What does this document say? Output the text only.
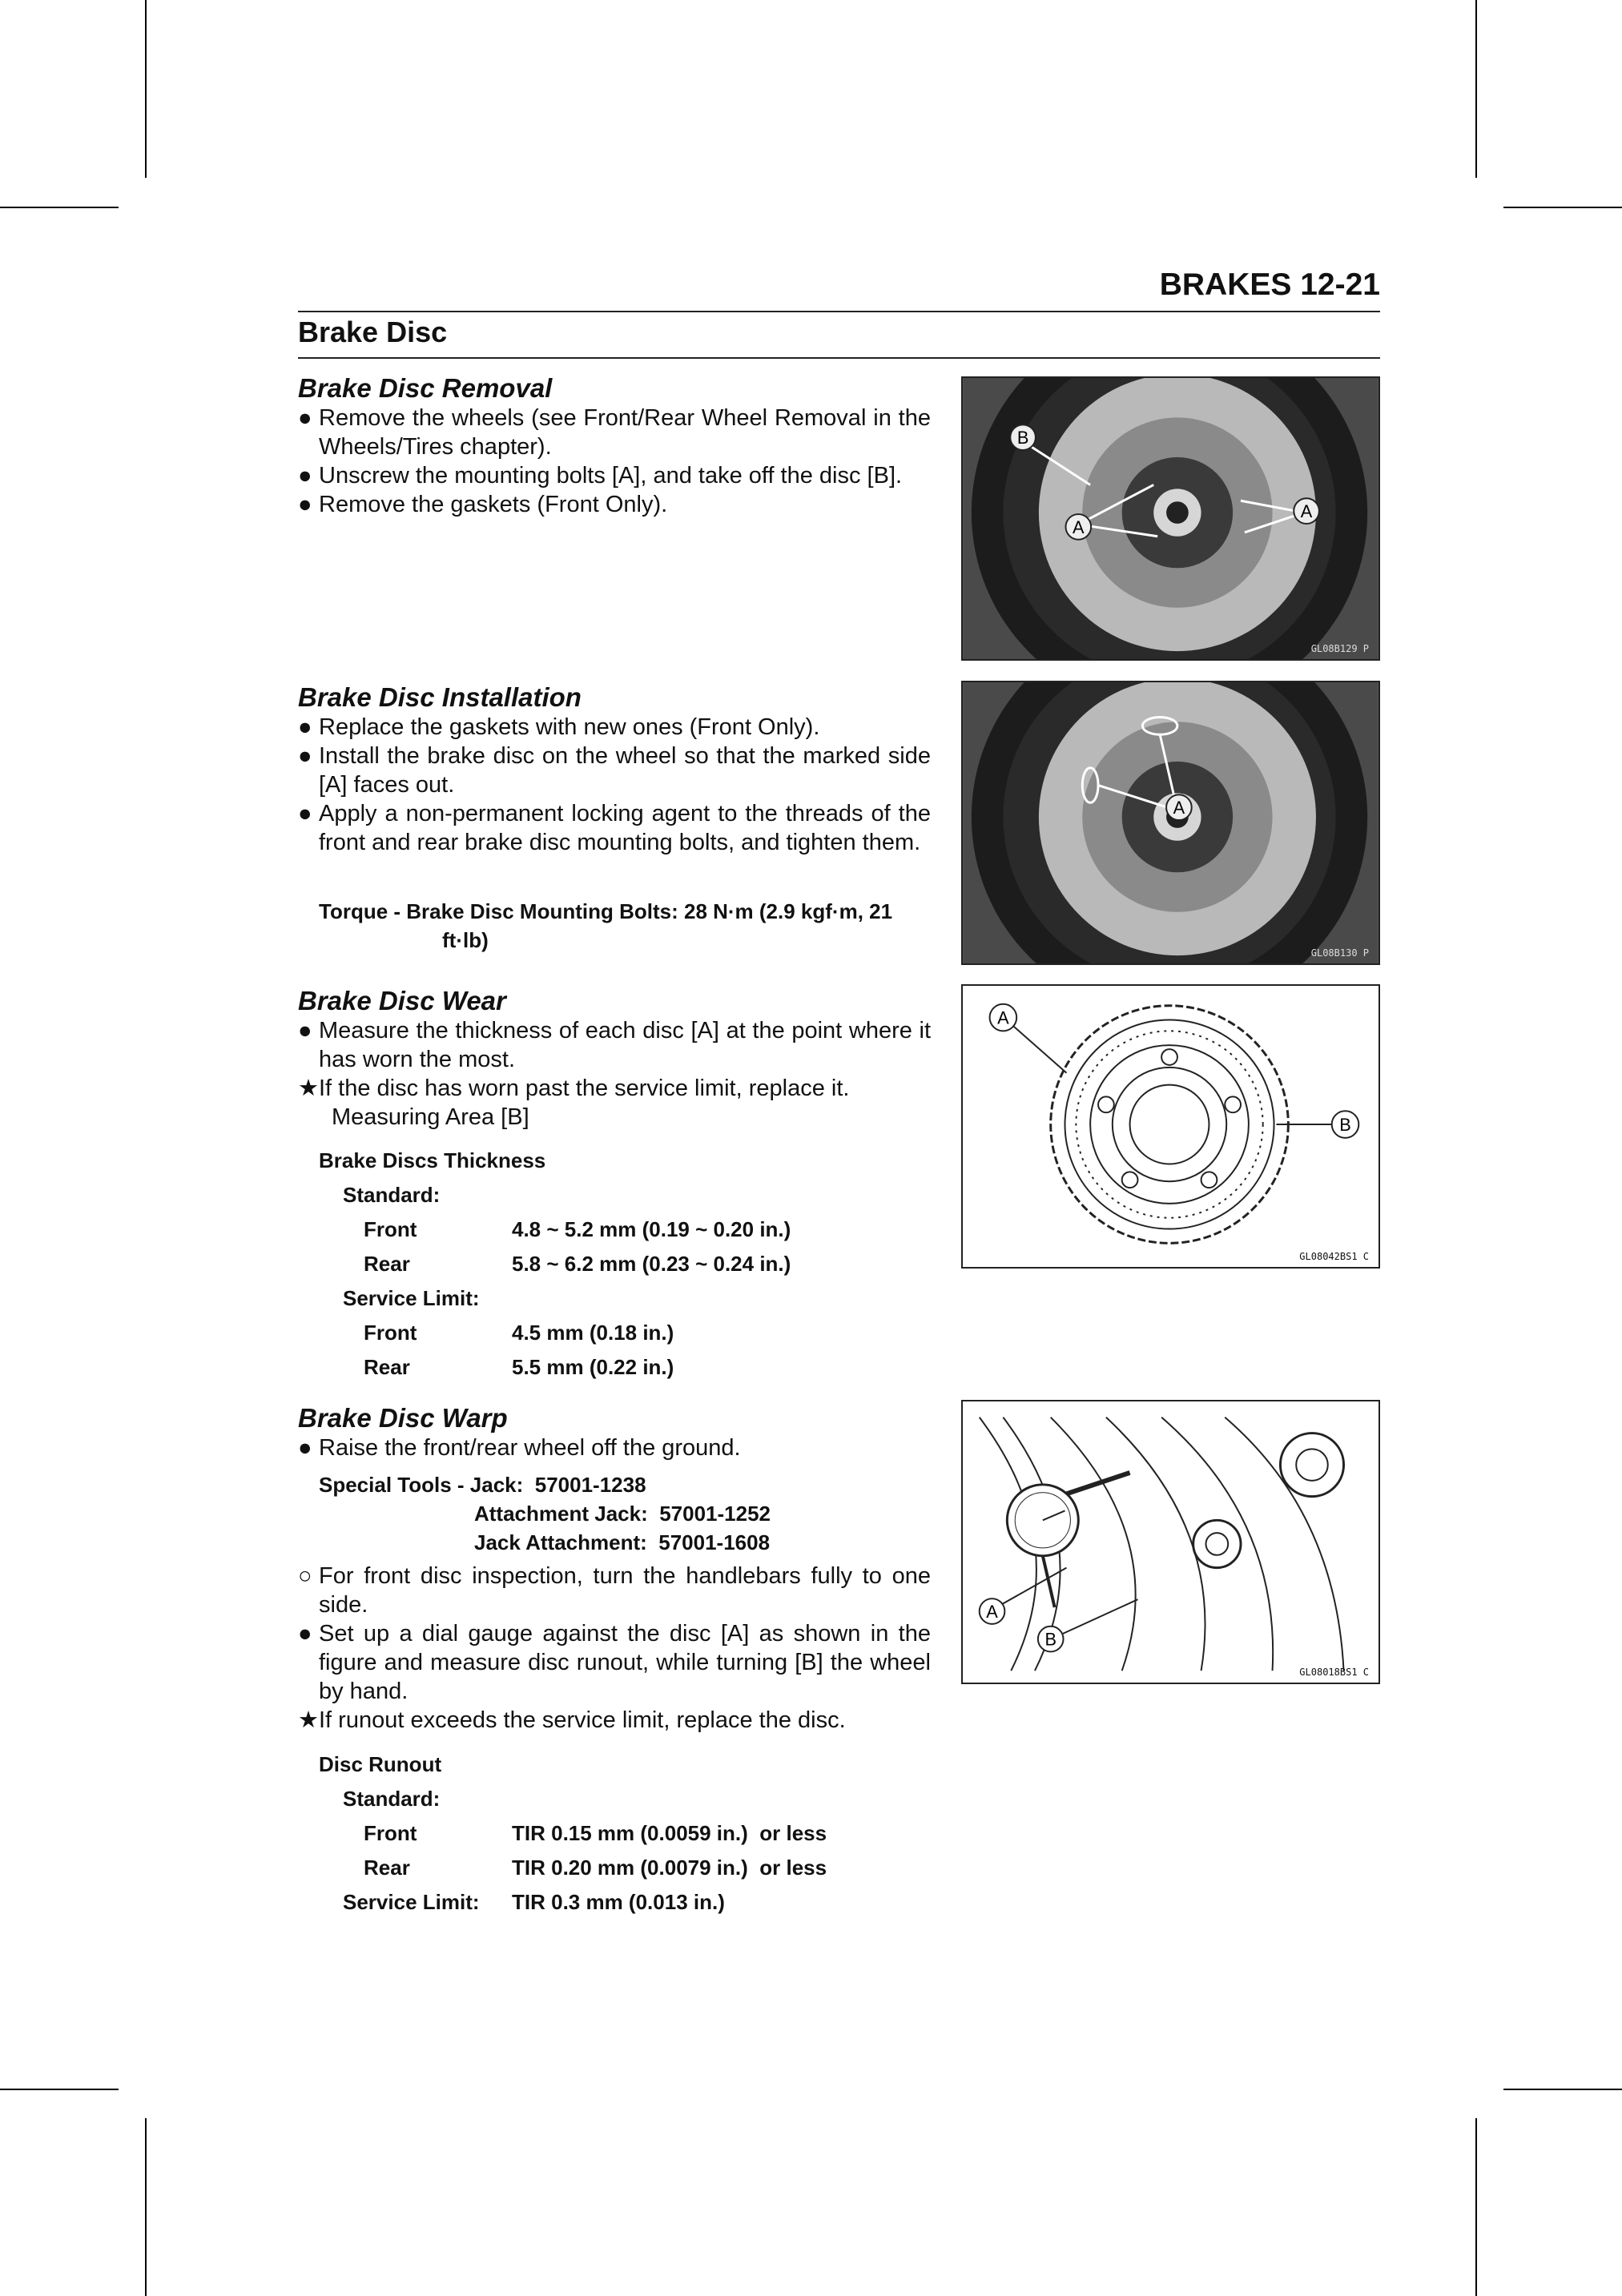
BRAKES 12-21
Brake Disc
Brake Disc Removal
● Remove the wheels (see Front/Rear Wheel Removal in the Wheels/Tires chapter).
● Unscrew the mounting bolts [A], and take off the disc [B].
● Remove the gaskets (Front Only).
B
A
A
GL08B129 P
Brake Disc Installation
● Replace the gaskets with new ones (Front Only).
● Install the brake disc on the wheel so that the marked side [A] faces out.
● Apply a non-permanent locking agent to the threads of the front and rear brake disc mounting bolts, and tighten them.
Torque - Brake Disc Mounting Bolts: 28 N·m (2.9 kgf·m, 21
ft·lb)
A
GL08B130 P
Brake Disc Wear
● Measure the thickness of each disc [A] at the point where it has worn the most.
★ If the disc has worn past the service limit, replace it.
Measuring Area [B]
Brake Discs Thickness
Standard:
Front	4.8 ~ 5.2 mm (0.19 ~ 0.20 in.)
Rear	5.8 ~ 6.2 mm (0.23 ~ 0.24 in.)
Service Limit:
Front	4.5 mm (0.18 in.)
Rear	5.5 mm (0.22 in.)
A
B
GL08042BS1 C
Brake Disc Warp
● Raise the front/rear wheel off the ground.
Special Tools - Jack: 57001-1238
Attachment Jack: 57001-1252
Jack Attachment: 57001-1608
○ For front disc inspection, turn the handlebars fully to one side.
● Set up a dial gauge against the disc [A] as shown in the figure and measure disc runout, while turning [B] the wheel by hand.
★ If runout exceeds the service limit, replace the disc.
Disc Runout
Standard:
Front	TIR 0.15 mm (0.0059 in.)
or less
Rear	TIR 0.20 mm (0.0079 in.)
or less
Service Limit:	TIR 0.3 mm (0.013 in.)
A
B
GL08018BS1 C
